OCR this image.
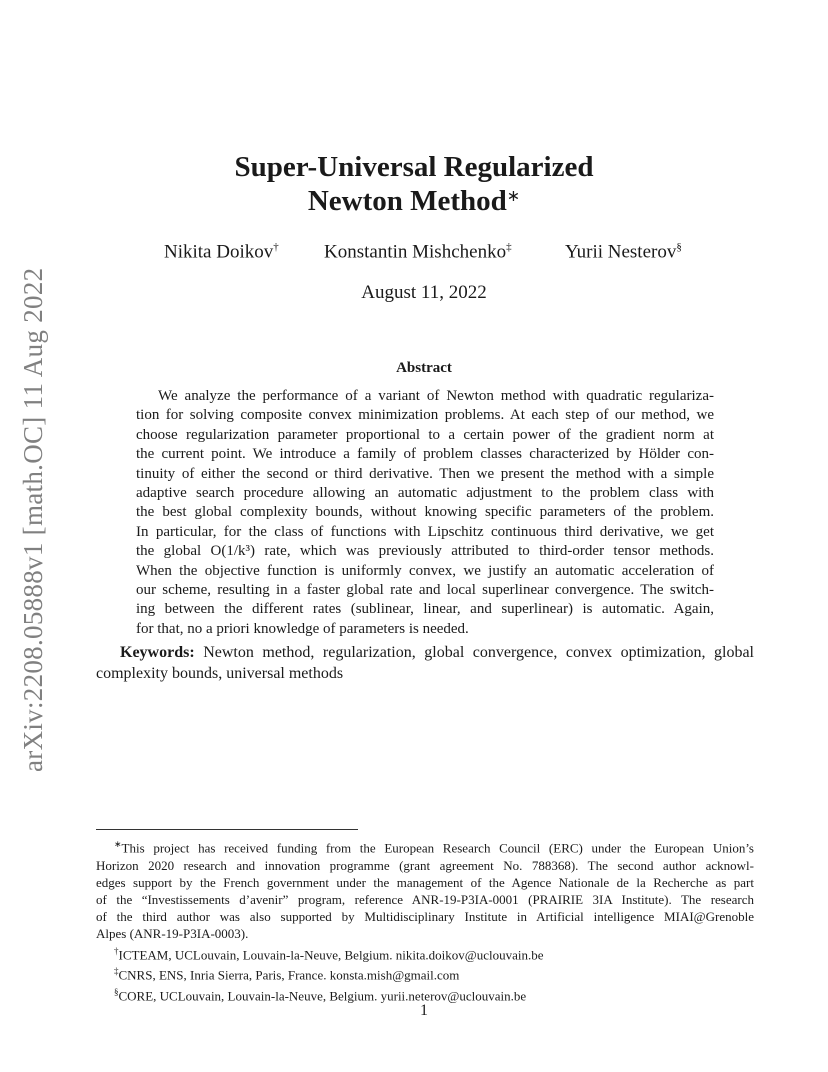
arXiv:2208.05888v1 [math.OC] 11 Aug 2022
Super-Universal Regularized
Newton Method∗
Nikita Doikov† Konstantin Mishchenko‡	Yurii Nesterov§
August 11, 2022
Abstract
We analyze the performance of a variant of Newton method with quadratic regulariza-
tion for solving composite convex minimization problems. At each step of our method, we
choose regularization parameter proportional to a certain power of the gradient norm at
the current point. We introduce a family of problem classes characterized by Hölder con-
tinuity of either the second or third derivative. Then we present the method with a simple
adaptive search procedure allowing an automatic adjustment to the problem class with
the best global complexity bounds, without knowing specific parameters of the problem.
In particular, for the class of functions with Lipschitz continuous third derivative, we get
the global O(1/k³) rate, which was previously attributed to third-order tensor methods.
When the objective function is uniformly convex, we justify an automatic acceleration of
our scheme, resulting in a faster global rate and local superlinear convergence. The switch-
ing between the different rates (sublinear, linear, and superlinear) is automatic. Again,
for that, no a priori knowledge of parameters is needed.
Keywords: Newton method, regularization, global convergence, convex optimization, global
complexity bounds, universal methods
∗This project has received funding from the European Research Council (ERC) under the European Union’s
Horizon 2020 research and innovation programme (grant agreement No. 788368). The second author acknowl-
edges support by the French government under the management of the Agence Nationale de la Recherche as part
of the “Investissements d’avenir” program, reference ANR-19-P3IA-0001 (PRAIRIE 3IA Institute). The research
of the third author was also supported by Multidisciplinary Institute in Artificial intelligence MIAI@Grenoble
Alpes (ANR-19-P3IA-0003).
†ICTEAM, UCLouvain, Louvain-la-Neuve, Belgium. nikita.doikov@uclouvain.be
‡CNRS, ENS, Inria Sierra, Paris, France. konsta.mish@gmail.com
§CORE, UCLouvain, Louvain-la-Neuve, Belgium. yurii.neterov@uclouvain.be
1
